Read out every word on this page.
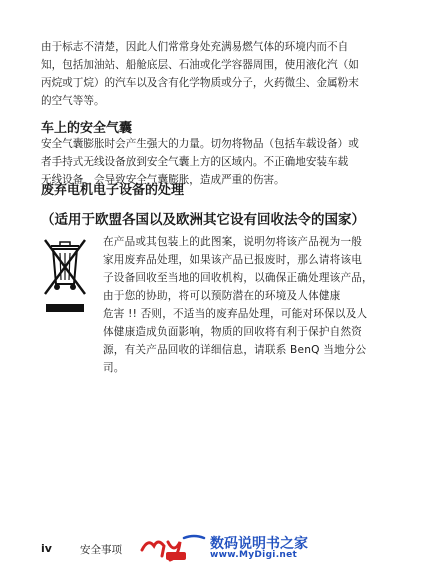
由于标志不清楚，因此人们常常身处充满易燃气体的环境内而不自
知，包括加油站、船舱底层、石油或化学容器周围，使用液化汽（如
丙烷或丁烷）的汽车以及含有化学物质或分子，火药微尘、金属粉末
的空气等等。
车上的安全气囊
安全气囊膨胀时会产生强大的力量。切勿将物品（包括车载设备）或
者手持式无线设备放到安全气囊上方的区域内。不正确地安装车载
无线设备，会导致安全气囊膨胀，造成严重的伤害。
废弃电机电子设备的处理
（适用于欧盟各国以及欧洲其它设有回收法令的国家）
在产品或其包装上的此图案，说明勿将该产品视为一般
家用废弃品处理，如果该产品已报废时，那么请将该电
子设备回收至当地的回收机构，以确保正确处理该产品，
由于您的协助，将可以预防潜在的环境及人体健康
危害 !! 否则，不适当的废弃品处理，可能对环保以及人
体健康造成负面影响，物质的回收将有利于保护自然资
源，有关产品回收的详细信息，请联系 BenQ 当地分公
司。
iv	安全事项	数码说明书之家
www.MyDigi.net
